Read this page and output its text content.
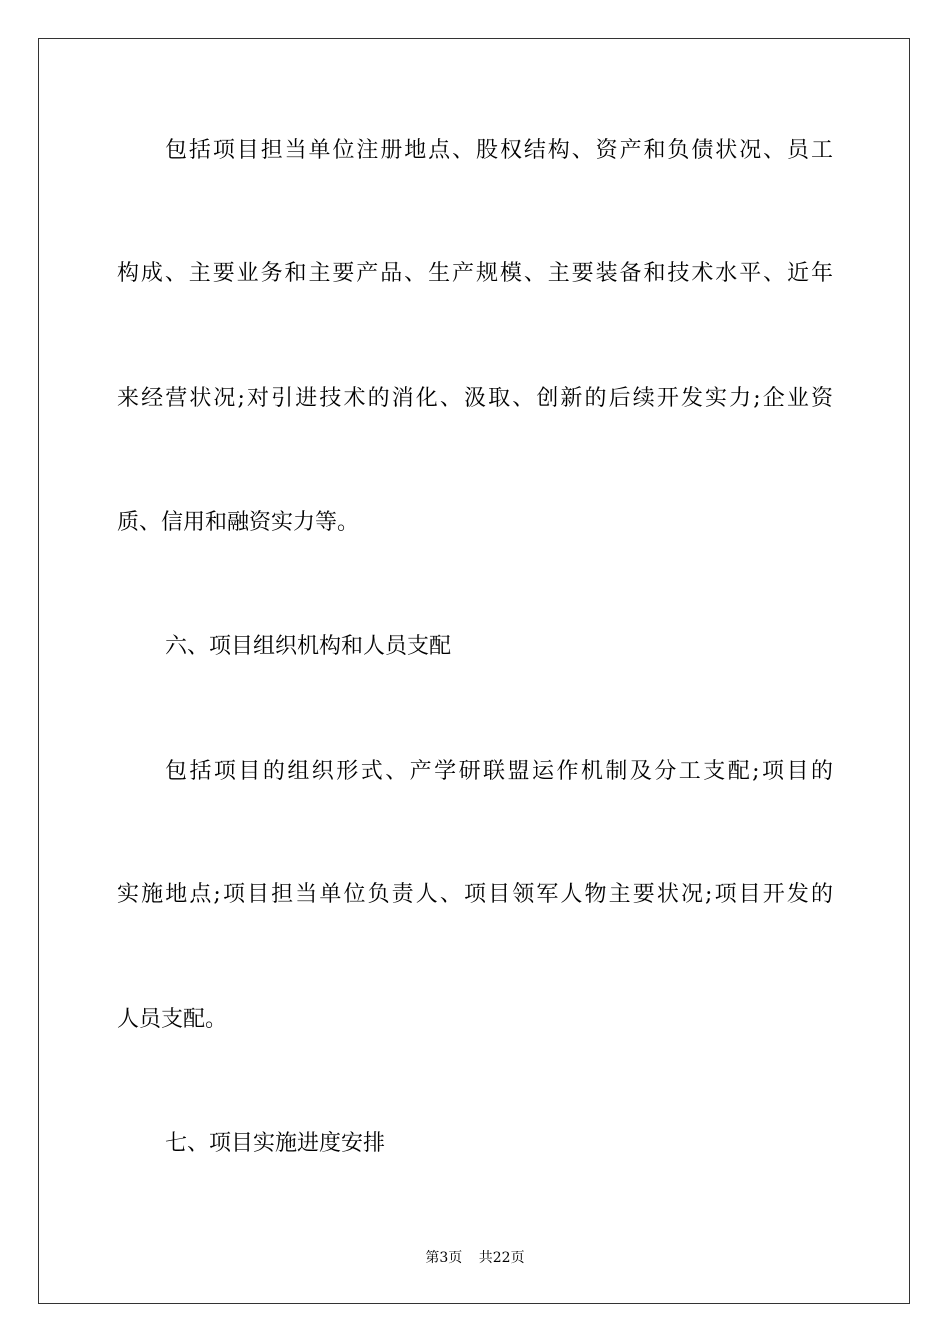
包括项目担当单位注册地点、股权结构、资产和负债状况、员工
构成、主要业务和主要产品、生产规模、主要装备和技术水平、近年
来经营状况;对引进技术的消化、汲取、创新的后续开发实力;企业资
质、信用和融资实力等。
六、项目组织机构和人员支配
包括项目的组织形式、产学研联盟运作机制及分工支配;项目的
实施地点;项目担当单位负责人、项目领军人物主要状况;项目开发的
人员支配。
七、项目实施进度安排
第3页 共22页
